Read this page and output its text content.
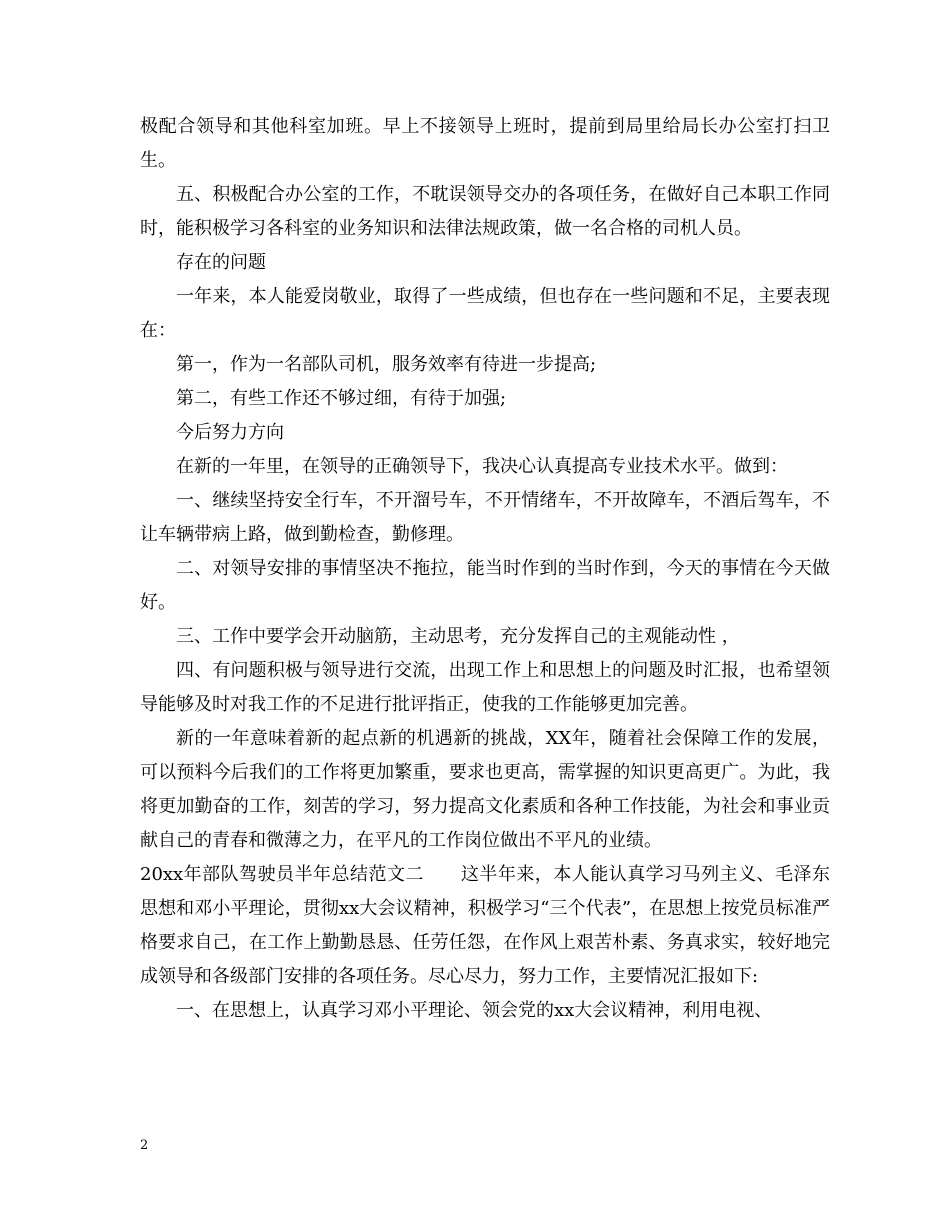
极配合领导和其他科室加班。早上不接领导上班时，提前到局里给局长办公室打扫卫生。

五、积极配合办公室的工作，不耽误领导交办的各项任务，在做好自己本职工作同时，能积极学习各科室的业务知识和法律法规政策，做一名合格的司机人员。

存在的问题

一年来，本人能爱岗敬业，取得了一些成绩，但也存在一些问题和不足，主要表现在：

第一，作为一名部队司机，服务效率有待进一步提高;

第二，有些工作还不够过细，有待于加强;

今后努力方向

在新的一年里，在领导的正确领导下，我决心认真提高专业技术水平。做到：

一、继续坚持安全行车，不开溜号车，不开情绪车，不开故障车，不酒后驾车，不让车辆带病上路，做到勤检查，勤修理。

二、对领导安排的事情坚决不拖拉，能当时作到的当时作到，今天的事情在今天做好。

三、工作中要学会开动脑筋，主动思考，充分发挥自己的主观能动性 ，

四、有问题积极与领导进行交流，出现工作上和思想上的问题及时汇报，也希望领导能够及时对我工作的不足进行批评指正，使我的工作能够更加完善。

新的一年意味着新的起点新的机遇新的挑战，XX年，随着社会保障工作的发展，可以预料今后我们的工作将更加繁重，要求也更高，需掌握的知识更高更广。为此，我将更加勤奋的工作，刻苦的学习，努力提高文化素质和各种工作技能，为社会和事业贡献自己的青春和微薄之力，在平凡的工作岗位做出不平凡的业绩。

20xx年部队驾驶员半年总结范文二　　这半年来，本人能认真学习马列主义、毛泽东思想和邓小平理论，贯彻xx大会议精神，积极学习“三个代表”，在思想上按党员标准严格要求自己，在工作上勤勤恳恳、任劳任怨，在作风上艰苦朴素、务真求实，较好地完成领导和各级部门安排的各项任务。尽心尽力，努力工作，主要情况汇报如下:

一、在思想上，认真学习邓小平理论、领会党的xx大会议精神，利用电视、

2
